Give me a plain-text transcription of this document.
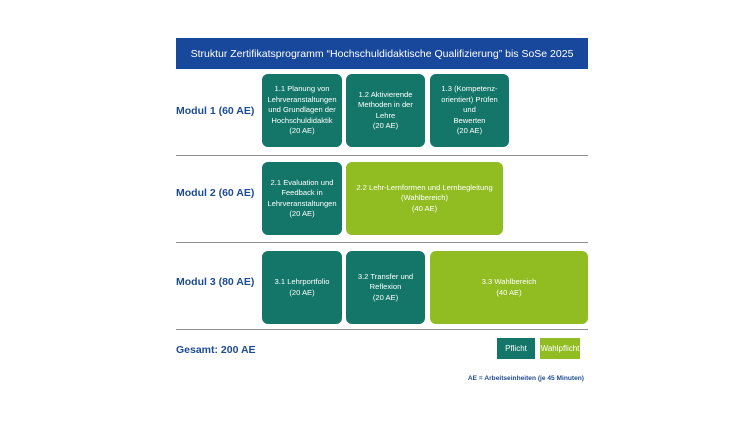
Struktur Zertifikatsprogramm “Hochschuldidaktische Qualifizierung” bis SoSe 2025
Modul 1 (60 AE)
1.1 Planung von
Lehrveranstaltungen
und Grundlagen der
Hochschuldidaktik
(20 AE)
1.2 Aktivierende
Methoden in der
Lehre
(20 AE)
1.3 (Kompetenz-
orientiert) Prüfen und
Bewerten
(20 AE)
Modul 2 (60 AE)
2.1 Evaluation und
Feedback in
Lehrveranstaltungen
(20 AE)
2.2 Lehr-Lernformen und Lernbegleitung
(Wahlbereich)
(40 AE)
Modul 3 (80 AE)	3.1 Lehrportfolio
(20 AE)
3.2 Transfer und
Reflexion
(20 AE)
3.3 Wahlbereich
(40 AE)
Gesamt: 200 AE	Pflicht	Wahlpflicht
AE = Arbeitseinheiten (je 45 Minuten)
